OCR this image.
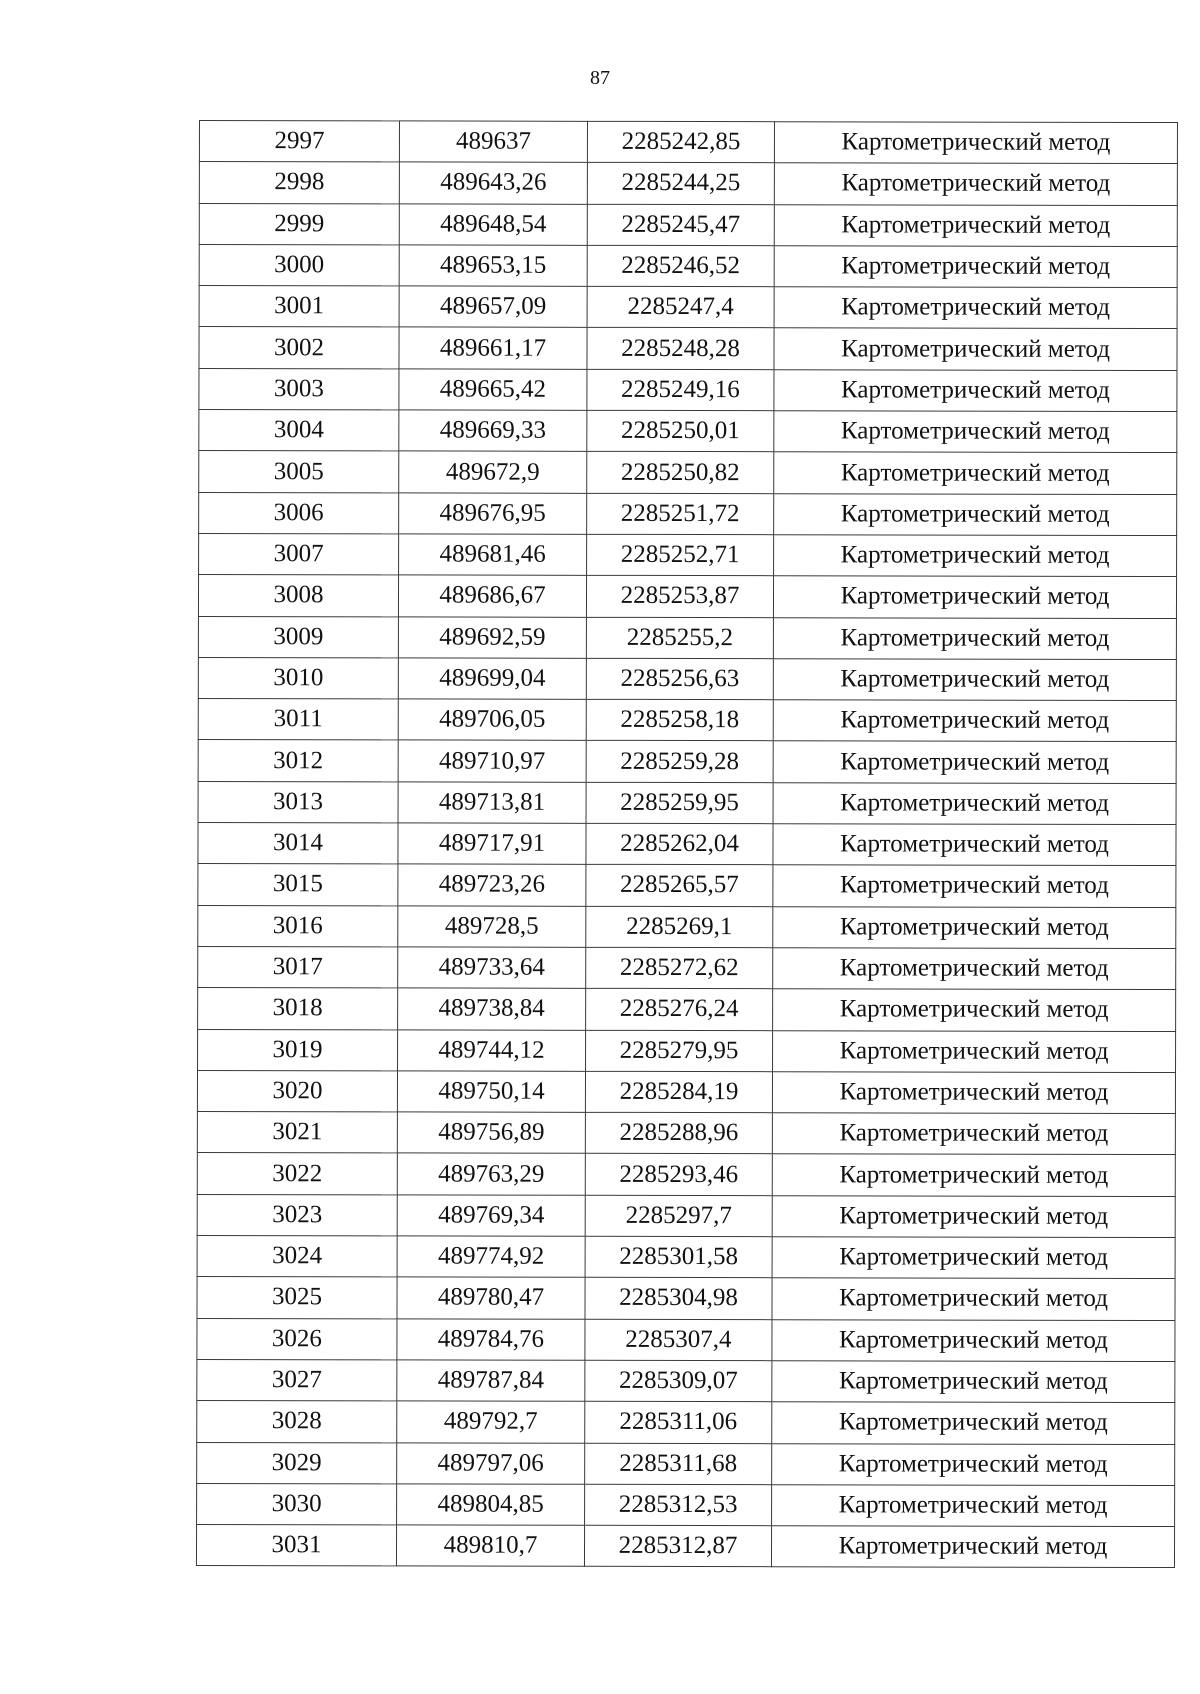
87
2997	489637	2285242,85	Картометрический метод
2998	489643,26	2285244,25	Картометрический метод
2999	489648,54	2285245,47	Картометрический метод
3000	489653,15	2285246,52	Картометрический метод
3001	489657,09	2285247,4	Картометрический метод
3002	489661,17	2285248,28	Картометрический метод
3003	489665,42	2285249,16	Картометрический метод
3004	489669,33	2285250,01	Картометрический метод
3005	489672,9	2285250,82	Картометрический метод
3006	489676,95	2285251,72	Картометрический метод
3007	489681,46	2285252,71	Картометрический метод
3008	489686,67	2285253,87	Картометрический метод
3009	489692,59	2285255,2	Картометрический метод
3010	489699,04	2285256,63	Картометрический метод
3011	489706,05	2285258,18	Картометрический метод
3012	489710,97	2285259,28	Картометрический метод
3013	489713,81	2285259,95	Картометрический метод
3014	489717,91	2285262,04	Картометрический метод
3015	489723,26	2285265,57	Картометрический метод
3016	489728,5	2285269,1	Картометрический метод
3017	489733,64	2285272,62	Картометрический метод
3018	489738,84	2285276,24	Картометрический метод
3019	489744,12	2285279,95	Картометрический метод
3020	489750,14	2285284,19	Картометрический метод
3021	489756,89	2285288,96	Картометрический метод
3022	489763,29	2285293,46	Картометрический метод
3023	489769,34	2285297,7	Картометрический метод
3024	489774,92	2285301,58	Картометрический метод
3025	489780,47	2285304,98	Картометрический метод
3026	489784,76	2285307,4	Картометрический метод
3027	489787,84	2285309,07	Картометрический метод
3028	489792,7	2285311,06	Картометрический метод
3029	489797,06	2285311,68	Картометрический метод
3030	489804,85	2285312,53	Картометрический метод
3031	489810,7	2285312,87	Картометрический метод
